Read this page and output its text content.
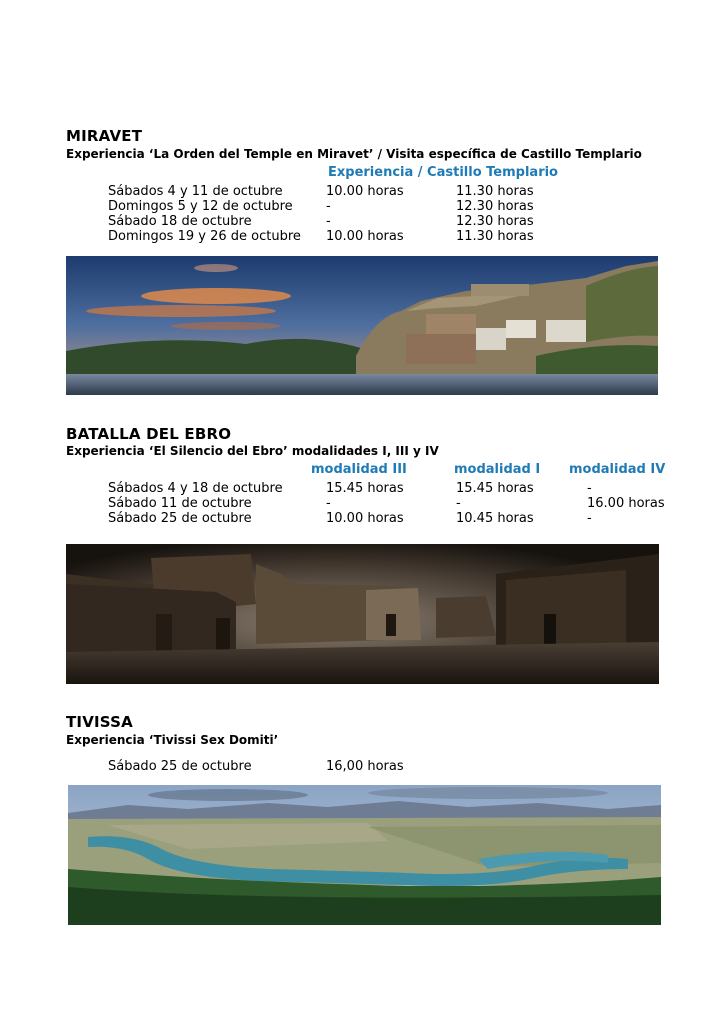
MIRAVET
Experiencia ‘La Orden del Temple en Miravet’ / Visita específica de Castillo Templario
Experiencia / Castillo Templario
Sábados 4 y 11 de octubre	10.00 horas	11.30 horas
Domingos 5 y 12 de octubre	-	12.30 horas
Sábado 18 de octubre	-	12.30 horas
Domingos 19 y 26 de octubre 10.00 horas	11.30 horas
BATALLA DEL EBRO
Experiencia ‘El Silencio del Ebro’ modalidades I, III y IV
modalidad III	modalidad I modalidad IV
Sábados 4 y 18 de octubre	15.45 horas	15.45 horas	-
Sábado 11 de octubre	-	-	16.00 horas
Sábado 25 de octubre	10.00 horas	10.45 horas	-
TIVISSA
Experiencia ‘Tivissi Sex Domiti’
Sábado 25 de octubre	16,00 horas
